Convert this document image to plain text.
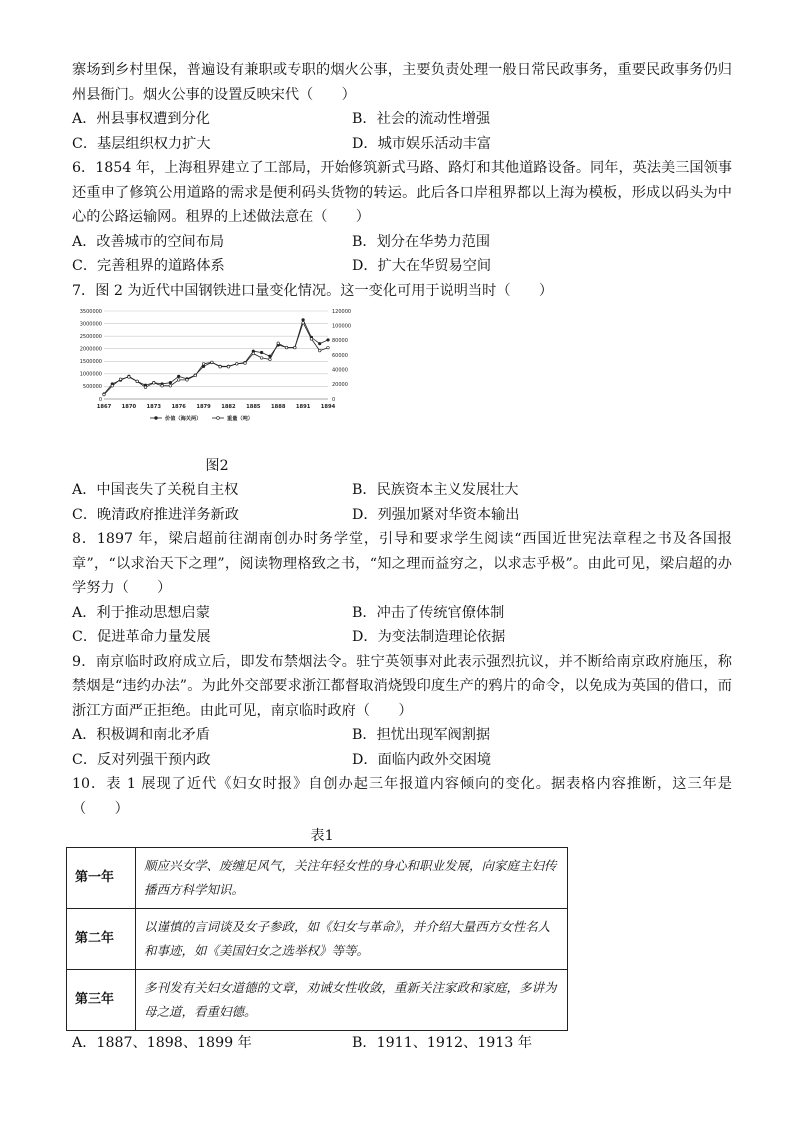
寨场到乡村里保，普遍设有兼职或专职的烟火公事，主要负责处理一般日常民政事务，重要民政事务仍归州县衙门。烟火公事的设置反映宋代（　　）

A．州县事权遭到分化	B．社会的流动性增强
C．基层组织权力扩大	D．城市娱乐活动丰富

6．1854 年，上海租界建立了工部局，开始修筑新式马路、路灯和其他道路设备。同年，英法美三国领事还重申了修筑公用道路的需求是便利码头货物的转运。此后各口岸租界都以上海为模板，形成以码头为中心的公路运输网。租界的上述做法意在（　　）

A．改善城市的空间布局	B．划分在华势力范围
C．完善租界的道路体系	D．扩大在华贸易空间

7．图 2 为近代中国钢铁进口量变化情况。这一变化可用于说明当时（　　）

3500000
3000000
2500000
2000000
1500000
1000000
500000
0
120000
100000
80000
60000
40000
20000
0
1867 1870 1873 1876 1879 1882 1885 1888 1891 1894
价值（海关两）	重量（吨）
图2
A．中国丧失了关税自主权	B．民族资本主义发展壮大
C．晚清政府推进洋务新政	D．列强加紧对华资本输出

8．1897 年，梁启超前往湖南创办时务学堂，引导和要求学生阅读“西国近世宪法章程之书及各国报章”，“以求治天下之理”，阅读物理格致之书，“知之理而益穷之，以求志乎极”。由此可见，梁启超的办学努力（　　）

A．利于推动思想启蒙	B．冲击了传统官僚体制
C．促进革命力量发展	D．为变法制造理论依据

9．南京临时政府成立后，即发布禁烟法令。驻宁英领事对此表示强烈抗议，并不断给南京政府施压，称禁烟是“违约办法”。为此外交部要求浙江都督取消烧毁印度生产的鸦片的命令，以免成为英国的借口，而浙江方面严正拒绝。由此可见，南京临时政府（　　）

A．积极调和南北矛盾	B．担忧出现军阀割据
C．反对列强干预内政	D．面临内政外交困境

10．表 1 展现了近代《妇女时报》自创办起三年报道内容倾向的变化。据表格内容推断，这三年是（　　）

表1
第一年	顺应兴女学、废缠足风气，关注年轻女性的身心和职业发展，向家庭主妇传播西方科学知识。
第二年	以谨慎的言词谈及女子参政，如《妇女与革命》，并介绍大量西方女性名人和事迹，如《美国妇女之选举权》等等。
第三年	多刊发有关妇女道德的文章，劝诫女性收敛，重新关注家政和家庭，多讲为母之道，看重妇德。
A．1887、1898、1899 年	B．1911、1912、1913 年
